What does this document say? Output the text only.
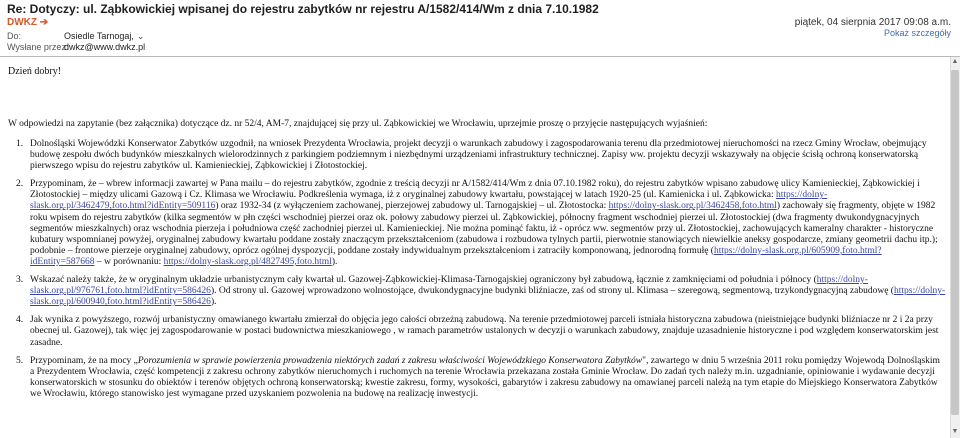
Re: Dotyczy: ul. Ząbkowickiej wpisanej do rejestru zabytków nr rejestru A/1582/414/Wm z dnia 7.10.1982
DWKZ ➔	piątek, 04 sierpnia 2017 09:08 a.m.
Pokaż szczegóły
Do:	Osiedle Tarnogaj, ⌄
Wysłane przez:dwkz@www.dwkz.pl
Dzień dobry!
W odpowiedzi na zapytanie (bez załącznika) dotyczące dz. nr 52/4, AM-7, znajdującej się przy ul. Ząbkowickiej we Wrocławiu, uprzejmie proszę o przyjęcie następujących wyjaśnień:
1. Dolnośląski Wojewódzki Konserwator Zabytków uzgodnił, na wniosek Prezydenta Wrocławia, projekt decyzji o warunkach zabudowy i zagospodarowania terenu dla przedmiotowej nieruchomości na rzecz Gminy Wrocław, obejmujący budowę zespołu dwóch budynków mieszkalnych wielorodzinnych z parkingiem podziemnym i niezbędnymi urządzeniami infrastruktury technicznej. Zapisy ww. projektu decyzji wskazywały na objęcie ścisłą ochroną konserwatorską pierwszego wpisu do rejestru zabytków ul. Kamienieckiej, Ząbkowickiej i Złotostockiej.
2. Przypominam, że – wbrew informacji zawartej w Pana mailu – do rejestru zabytków, zgodnie z treścią decyzji nr A/1582/414/Wm z dnia 07.10.1982 roku), do rejestru zabytków wpisano zabudowę ulicy Kamienieckiej, Ząbkowickiej i Złotostockiej – między ulicami Gazową i Cz. Klimasa we Wrocławiu. Podkreślenia wymaga, iż z oryginalnej zabudowy kwartału, powstającej w latach 1920-25 (ul. Kamienicka i ul. Ząbkowicka: https://dolny-slask.org.pl/3462479,foto.html?idEntity=509116) oraz 1932-34 (z wyłączeniem zachowanej, pierzejowej zabudowy ul. Tarnogajskiej – ul. Złotostocka: https://dolny-slask.org.pl/3462458,foto.html) zachowały się fragmenty, objęte w 1982 roku wpisem do rejestru zabytków (kilka segmentów w płn części wschodniej pierzei oraz ok. połowy zabudowy pierzei ul. Ząbkowickiej, północny fragment wschodniej pierzei ul. Złotostockiej (dwa fragmenty dwukondygnacyjnych segmentów mieszkalnych) oraz wschodnia pierzeja i południowa część zachodniej pierzei ul. Kamienieckiej. Nie można pominąć faktu, iż - oprócz ww. segmentów przy ul. Złotostockiej, zachowujących kameralny charakter - historyczne kubatury wspomnianej powyżej, oryginalnej zabudowy kwartału poddane zostały znaczącym przekształceniom (zabudowa i rozbudowa tylnych partii, pierwotnie stanowiących niewielkie aneksy gospodarcze, zmiany geometrii dachu itp.); podobnie – frontowe pierzeje oryginalnej zabudowy, oprócz ogólnej dyspozycji, poddane zostały indywidualnym przekształceniom i zatraciły komponowaną, jednorodną formułę (https://dolny-slask.org.pl/605909,foto.html?idEntity=587668 – w porównaniu: https://dolny-slask.org.pl/4827495,foto.html).
3. Wskazać należy także, że w oryginalnym układzie urbanistycznym cały kwartał ul. Gazowej-Ząbkowickiej-Klimasa-Tarnogajskiej ograniczony był zabudową, łącznie z zamknięciami od południa i północy (https://dolny-slask.org.pl/976761,foto.html?idEntity=586426). Od strony ul. Gazowej wprowadzono wolnostojące, dwukondygnacyjne budynki bliźniacze, zaś od strony ul. Klimasa – szeregową, segmentową, trzykondygnacyjną zabudowę (https://dolny-slask.org.pl/600940,foto.html?idEntity=586426).
4. Jak wynika z powyższego, rozwój urbanistyczny omawianego kwartału zmierzał do objęcia jego całości obrzeżną zabudową. Na terenie przedmiotowej parceli istniała historyczna zabudowa (nieistniejące budynki bliźniacze nr 2 i 2a przy obecnej ul. Gazowej), tak więc jej zagospodarowanie w postaci budownictwa mieszkaniowego , w ramach parametrów ustalonych w decyzji o warunkach zabudowy, znajduje uzasadnienie historyczne i pod względem konserwatorskim jest zasadne.
5. Przypominam, że na mocy „Porozumienia w sprawie powierzenia prowadzenia niektórych zadań z zakresu właściwości Wojewódzkiego Konserwatora Zabytków", zawartego w dniu 5 września 2011 roku pomiędzy Wojewodą Dolnośląskim a Prezydentem Wrocławia, część kompetencji z zakresu ochrony zabytków nieruchomych i ruchomych na terenie Wrocławia przekazana została Gminie Wrocław. Do zadań tych należy m.in. uzgadnianie, opiniowanie i wydawanie decyzji konserwatorskich w stosunku do obiektów i terenów objętych ochroną konserwatorską; kwestie zakresu, formy, wysokości, gabarytów i zakresu zabudowy na omawianej parceli należą na tym etapie do Miejskiego Konserwatora Zabytków we Wrocławiu, którego stanowisko jest wymagane przed uzyskaniem pozwolenia na budowę na realizację inwestycji.
▲
▼
